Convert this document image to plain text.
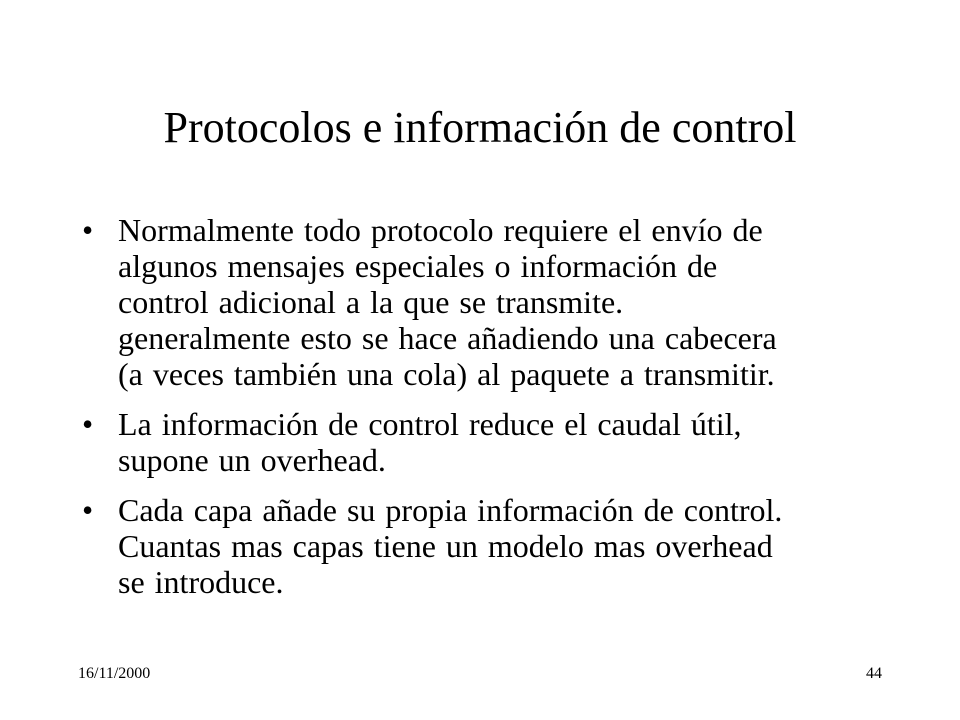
Protocolos e información de control
• Normalmente todo protocolo requiere el envío de
algunos mensajes especiales o información de
control adicional a la que se transmite.
generalmente esto se hace añadiendo una cabecera
(a veces también una cola) al paquete a transmitir.
• La información de control reduce el caudal útil,
supone un overhead.
• Cada capa añade su propia información de control.
Cuantas mas capas tiene un modelo mas overhead
se introduce.
16/11/2000	44
